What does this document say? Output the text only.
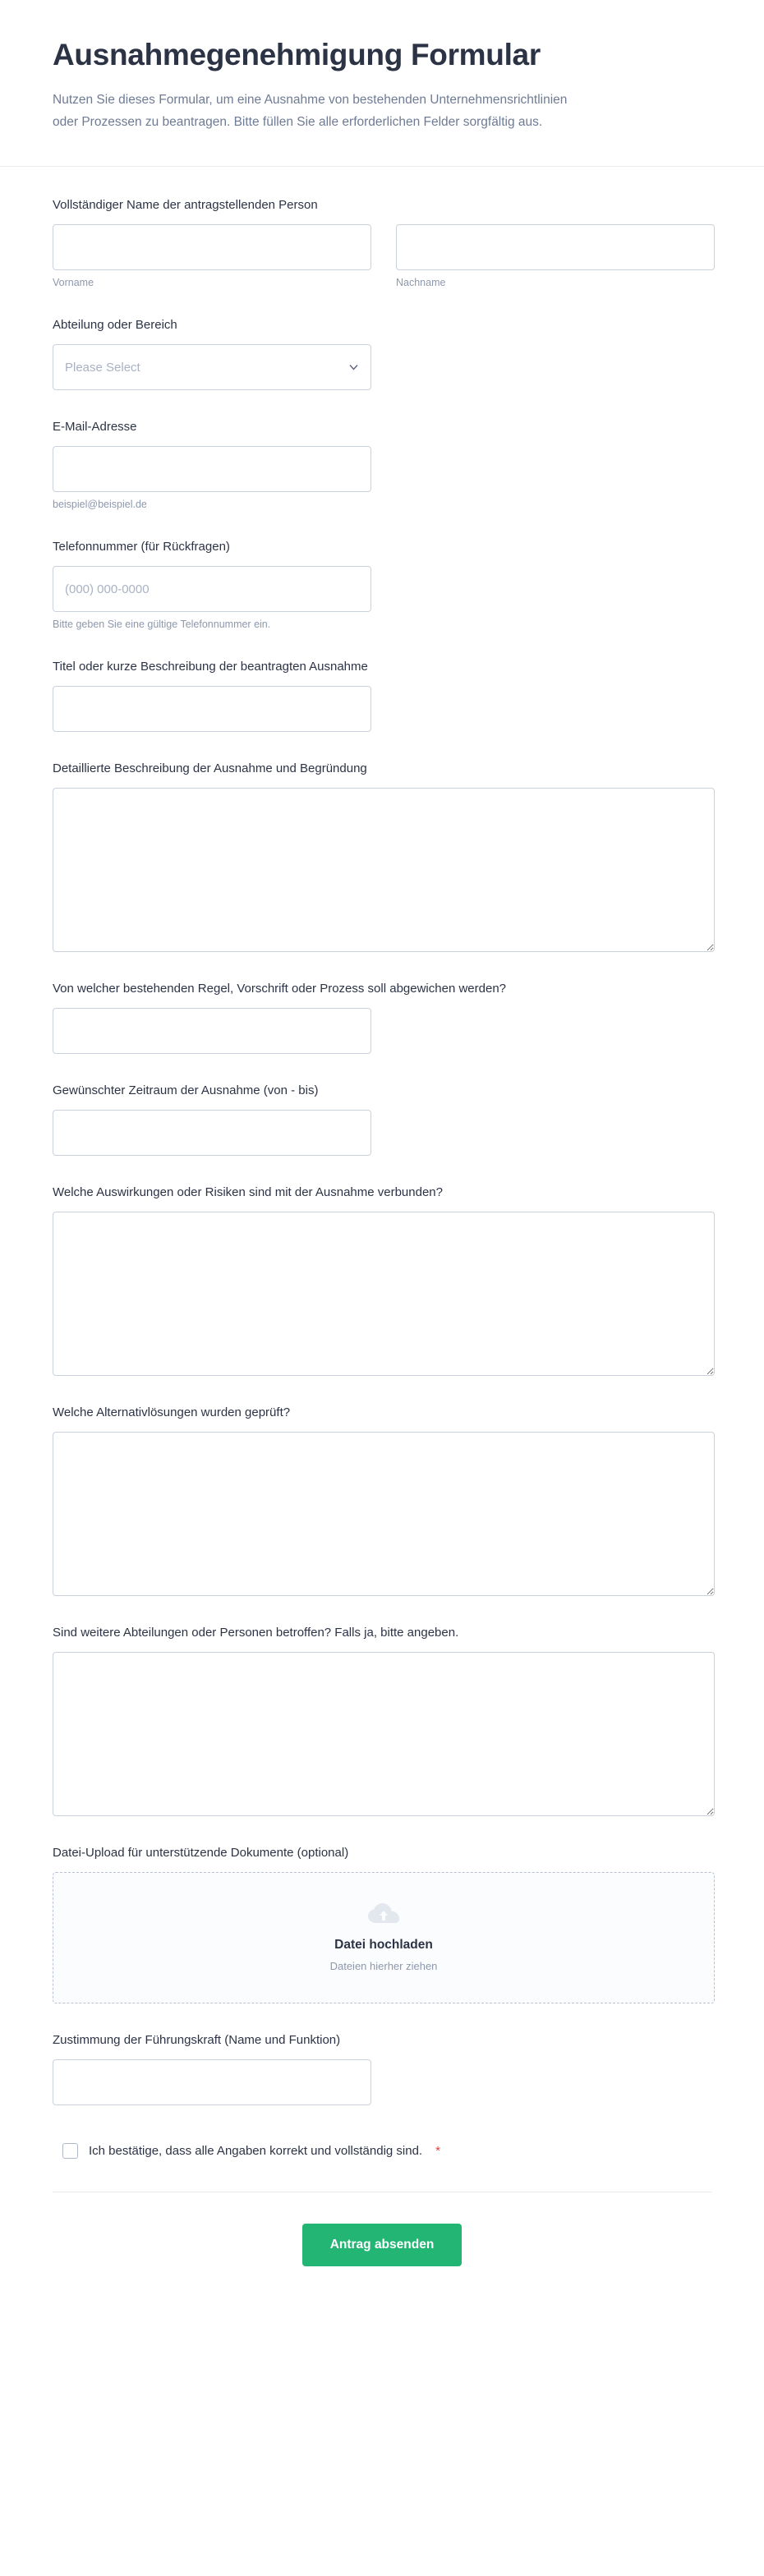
Ausnahmegenehmigung Formular

Nutzen Sie dieses Formular, um eine Ausnahme von bestehenden Unternehmensrichtlinien oder Prozessen zu beantragen. Bitte füllen Sie alle erforderlichen Felder sorgfältig aus.

Vollständiger Name der antragstellenden Person
Vorname	Nachname
Abteilung oder Bereich
Please Select
E-Mail-Adresse
beispiel@beispiel.de
Telefonnummer (für Rückfragen)
(000) 000-0000
Bitte geben Sie eine gültige Telefonnummer ein.
Titel oder kurze Beschreibung der beantragten Ausnahme
Detaillierte Beschreibung der Ausnahme und Begründung
Von welcher bestehenden Regel, Vorschrift oder Prozess soll abgewichen werden?
Gewünschter Zeitraum der Ausnahme (von - bis)
Welche Auswirkungen oder Risiken sind mit der Ausnahme verbunden?
Welche Alternativlösungen wurden geprüft?
Sind weitere Abteilungen oder Personen betroffen? Falls ja, bitte angeben.
Datei-Upload für unterstützende Dokumente (optional)
Datei hochladen
Dateien hierher ziehen
Zustimmung der Führungskraft (Name und Funktion)
Ich bestätige, dass alle Angaben korrekt und vollständig sind. *
Antrag absenden
